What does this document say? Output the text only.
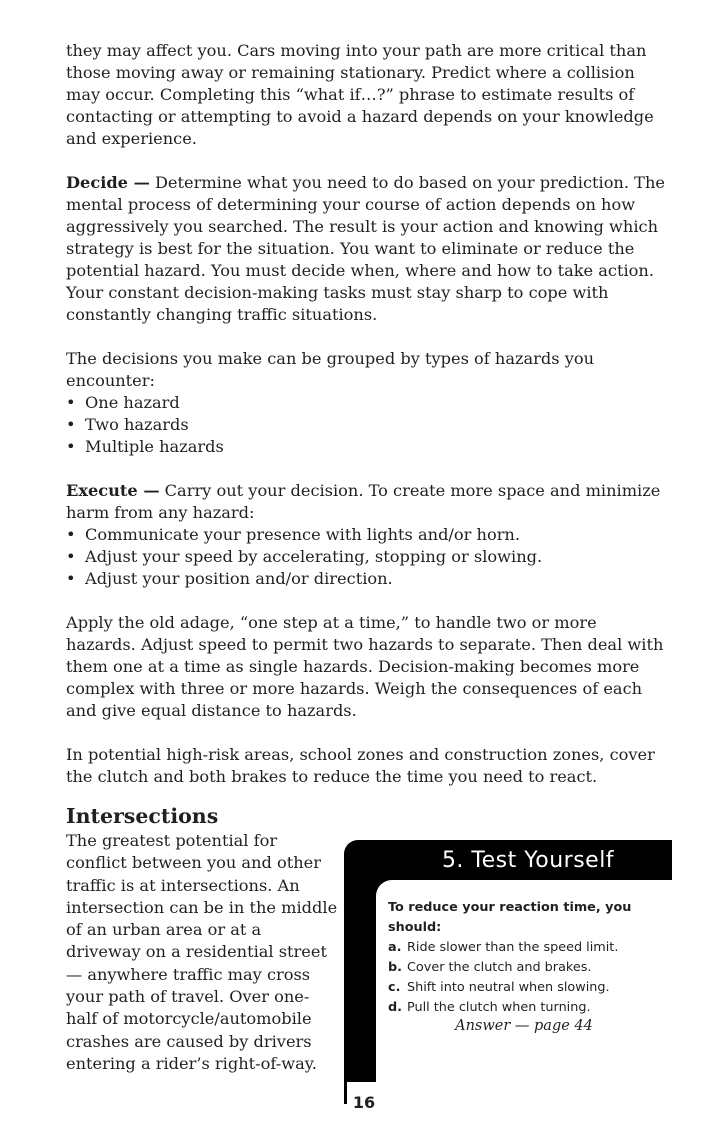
they may affect you. Cars moving into your path are more critical than those moving away or remaining stationary. Predict where a collision may occur. Completing this “what if…?” phrase to estimate results of contacting or attempting to avoid a hazard depends on your knowledge and experience.

Decide — Determine what you need to do based on your prediction. The mental process of determining your course of action depends on how aggressively you searched. The result is your action and knowing which strategy is best for the situation. You want to eliminate or reduce the potential hazard. You must decide when, where and how to take action. Your constant decision-making tasks must stay sharp to cope with constantly changing traffic situations.

The decisions you make can be grouped by types of hazards you encounter:

• One hazard
• Two hazards
• Multiple hazards

Execute — Carry out your decision. To create more space and minimize harm from any hazard:

• Communicate your presence with lights and/or horn.
• Adjust your speed by accelerating, stopping or slowing.
• Adjust your position and/or direction.

Apply the old adage, “one step at a time,” to handle two or more hazards. Adjust speed to permit two hazards to separate. Then deal with them one at a time as single hazards. Decision-making becomes more complex with three or more hazards. Weigh the consequences of each and give equal distance to hazards.

In potential high-risk areas, school zones and construction zones, cover the clutch and both brakes to reduce the time you need to react.

Intersections

The greatest potential for conflict between you and other traffic is at intersections. An intersection can be in the middle of an urban area or at a driveway on a residential street — anywhere traffic may cross your path of travel. Over one-half of motorcycle/automobile crashes are caused by drivers entering a rider’s right-of-way.

5. Test Yourself
To reduce your reaction time, you should:
a. Ride slower than the speed limit.
b. Cover the clutch and brakes.
c. Shift into neutral when slowing.
d. Pull the clutch when turning.
Answer — page 44
16
